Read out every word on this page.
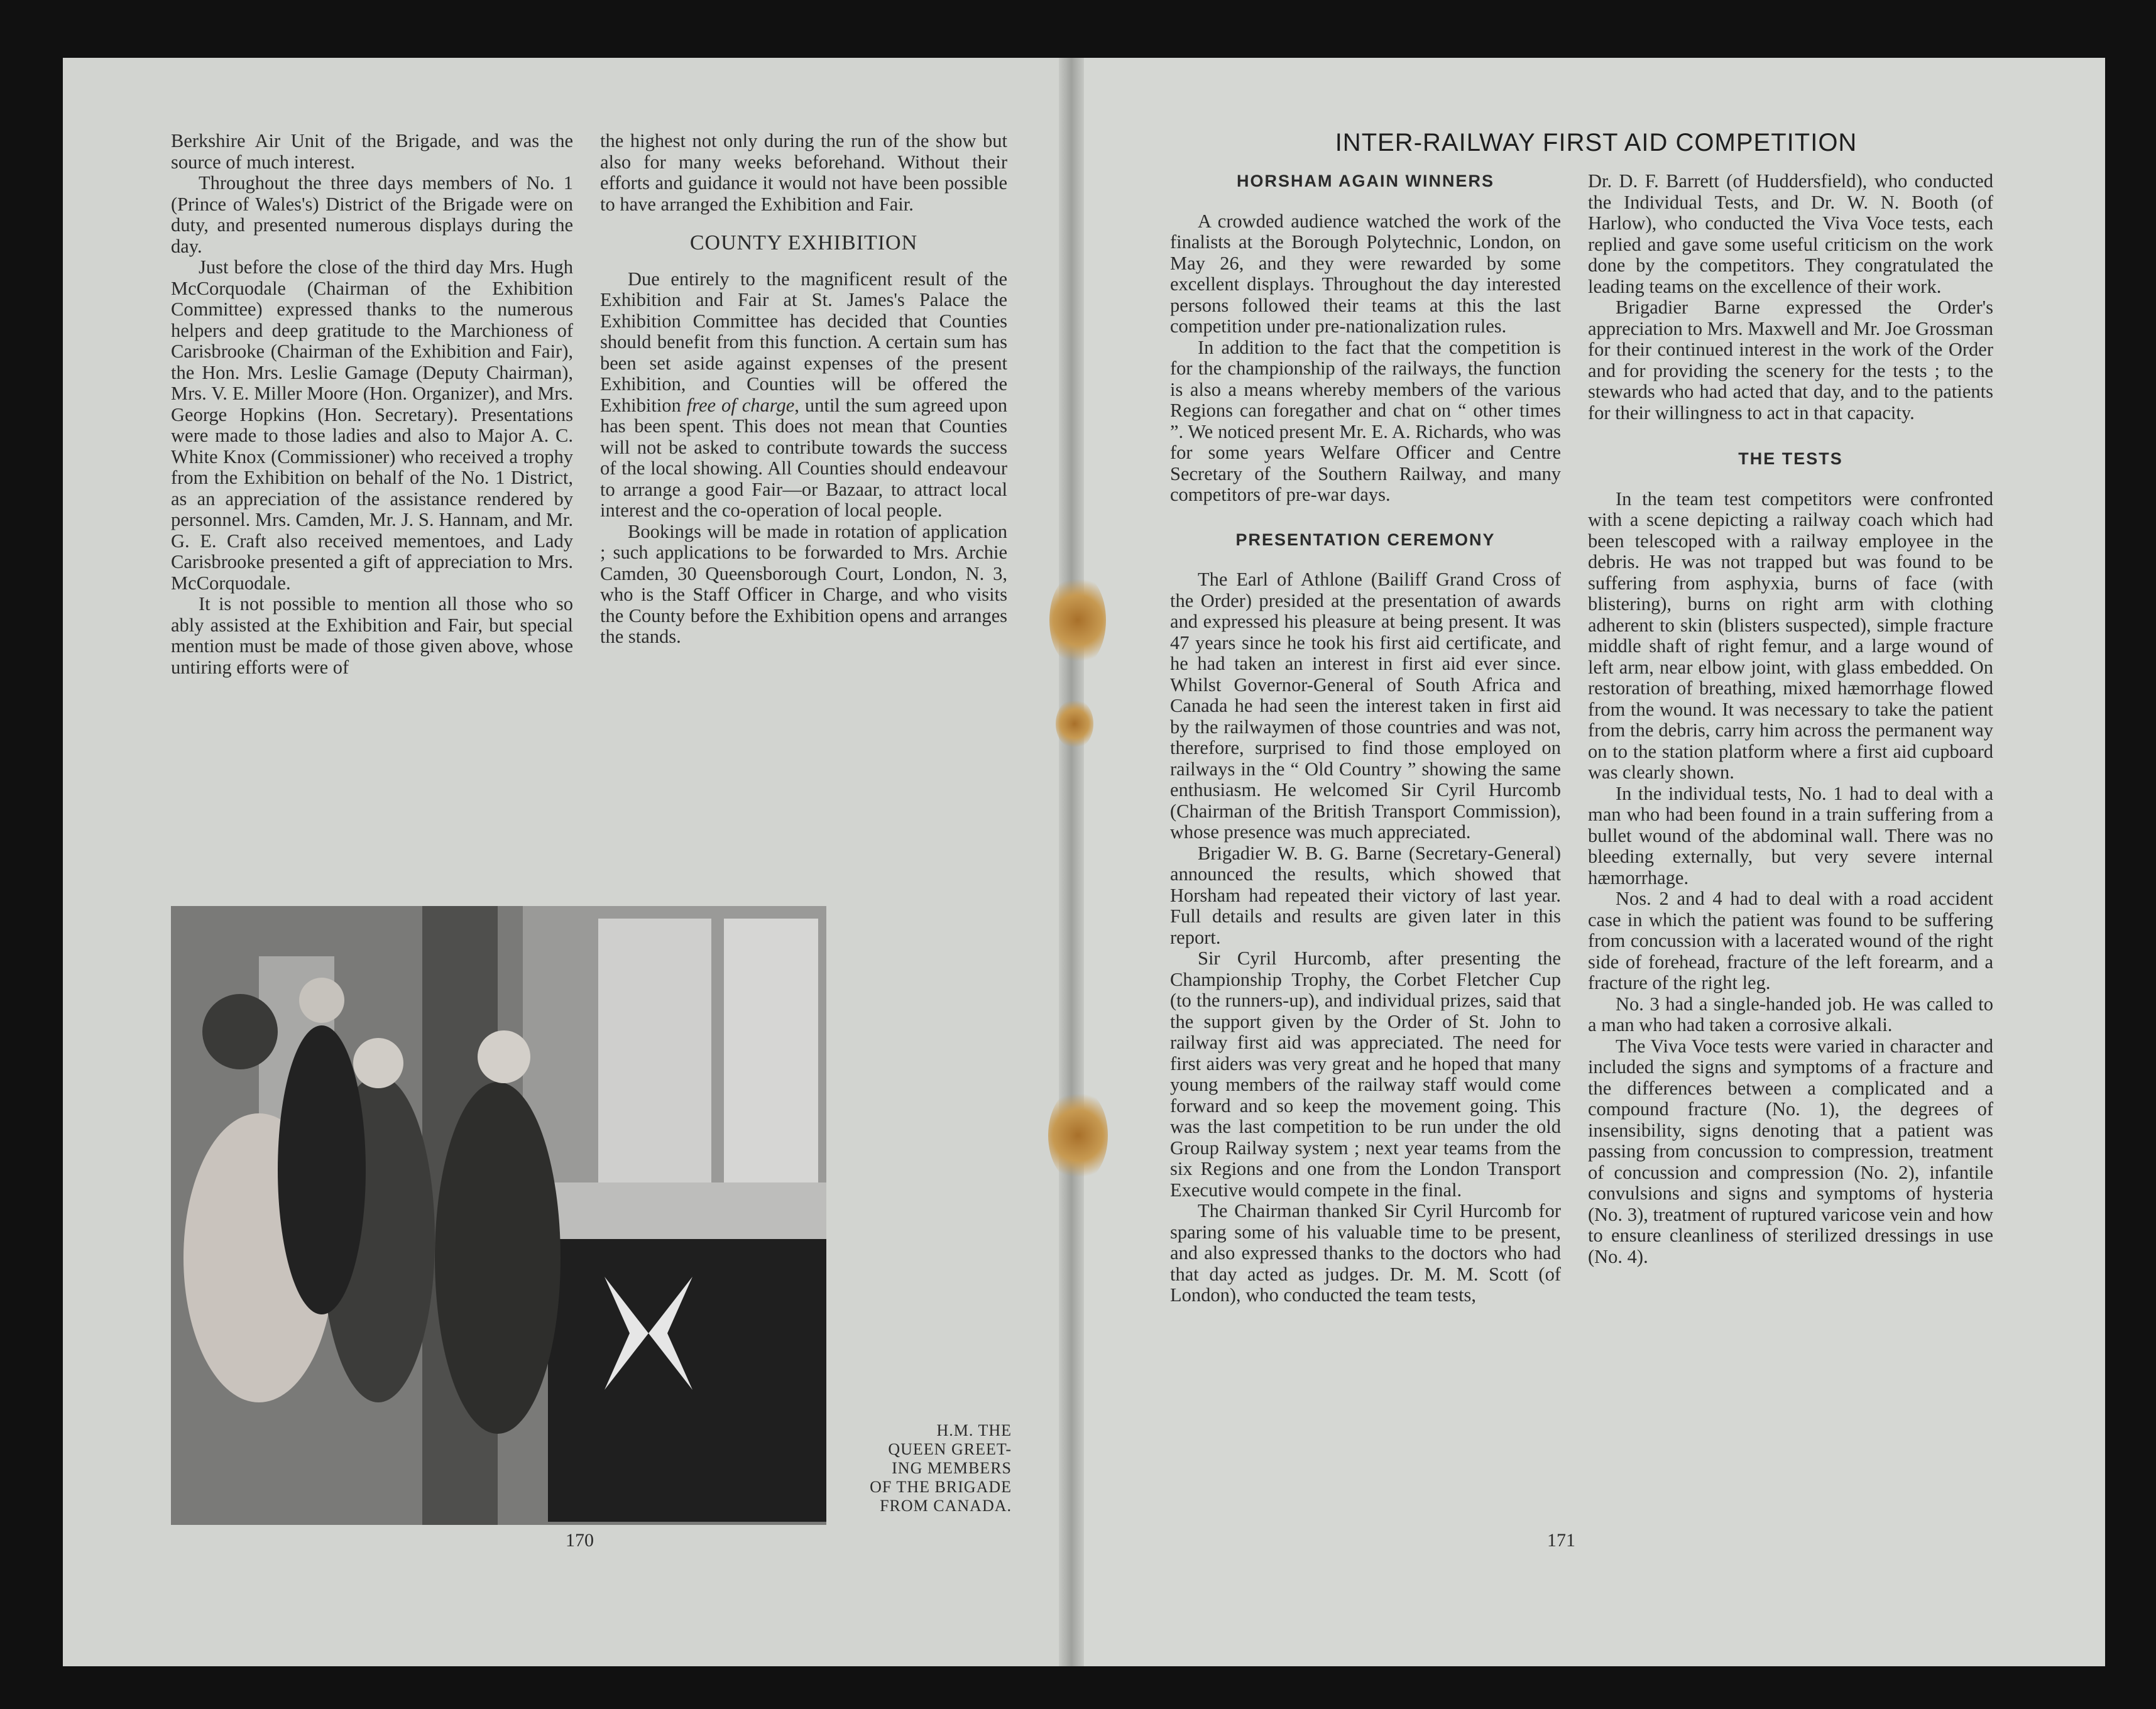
Berkshire Air Unit of the Brigade, and was the source of much interest.

Throughout the three days members of No. 1 (Prince of Wales's) District of the Brigade were on duty, and presented numerous displays during the day.

Just before the close of the third day Mrs. Hugh McCorquodale (Chairman of the Exhibition Committee) expressed thanks to the numerous helpers and deep gratitude to the Marchioness of Carisbrooke (Chairman of the Exhibition and Fair), the Hon. Mrs. Leslie Gamage (Deputy Chairman), Mrs. V. E. Miller Moore (Hon. Organizer), and Mrs. George Hopkins (Hon. Secretary). Presentations were made to those ladies and also to Major A. C. White Knox (Commissioner) who received a trophy from the Exhibition on behalf of the No. 1 District, as an appreciation of the assistance rendered by personnel. Mrs. Camden, Mr. J. S. Hannam, and Mr. G. E. Craft also received mementoes, and Lady Carisbrooke presented a gift of appreciation to Mrs. McCorquodale.

It is not possible to mention all those who so ably assisted at the Exhibition and Fair, but special mention must be made of those given above, whose untiring efforts were of

the highest not only during the run of the show but also for many weeks beforehand. Without their efforts and guidance it would not have been possible to have arranged the Exhibition and Fair.

COUNTY EXHIBITION

Due entirely to the magnificent result of the Exhibition and Fair at St. James's Palace the Exhibition Committee has decided that Counties should benefit from this function. A certain sum has been set aside against expenses of the present Exhibition, and Counties will be offered the Exhibition free of charge, until the sum agreed upon has been spent. This does not mean that Counties will not be asked to contribute towards the success of the local showing. All Counties should endeavour to arrange a good Fair—or Bazaar, to attract local interest and the co-operation of local people.

Bookings will be made in rotation of application ; such applications to be forwarded to Mrs. Archie Camden, 30 Queensborough Court, London, N. 3, who is the Staff Officer in Charge, and who visits the County before the Exhibition opens and arranges the stands.

H.M. THE
QUEEN GREET-
ING MEMBERS
OF THE BRIGADE
FROM CANADA.
170
INTER-RAILWAY FIRST AID COMPETITION
HORSHAM AGAIN WINNERS

A crowded audience watched the work of the finalists at the Borough Polytechnic, London, on May 26, and they were rewarded by some excellent displays. Throughout the day interested persons followed their teams at this the last competition under pre-nationalization rules.

In addition to the fact that the competition is for the championship of the railways, the function is also a means whereby members of the various Regions can foregather and chat on “ other times ”. We noticed present Mr. E. A. Richards, who was for some years Welfare Officer and Centre Secretary of the Southern Railway, and many competitors of pre-war days.

PRESENTATION CEREMONY

The Earl of Athlone (Bailiff Grand Cross of the Order) presided at the presentation of awards and expressed his pleasure at being present. It was 47 years since he took his first aid certificate, and he had taken an interest in first aid ever since. Whilst Governor-General of South Africa and Canada he had seen the interest taken in first aid by the railwaymen of those countries and was not, therefore, surprised to find those employed on railways in the “ Old Country ” showing the same enthusiasm. He welcomed Sir Cyril Hurcomb (Chairman of the British Transport Commission), whose presence was much appreciated.

Brigadier W. B. G. Barne (Secretary-General) announced the results, which showed that Horsham had repeated their victory of last year. Full details and results are given later in this report.

Sir Cyril Hurcomb, after presenting the Championship Trophy, the Corbet Fletcher Cup (to the runners-up), and individual prizes, said that the support given by the Order of St. John to railway first aid was appreciated. The need for first aiders was very great and he hoped that many young members of the railway staff would come forward and so keep the movement going. This was the last competition to be run under the old Group Railway system ; next year teams from the six Regions and one from the London Transport Executive would compete in the final.

The Chairman thanked Sir Cyril Hurcomb for sparing some of his valuable time to be present, and also expressed thanks to the doctors who had that day acted as judges. Dr. M. M. Scott (of London), who conducted the team tests,

Dr. D. F. Barrett (of Huddersfield), who conducted the Individual Tests, and Dr. W. N. Booth (of Harlow), who conducted the Viva Voce tests, each replied and gave some useful criticism on the work done by the competitors. They congratulated the leading teams on the excellence of their work.

Brigadier Barne expressed the Order's appreciation to Mrs. Maxwell and Mr. Joe Grossman for their continued interest in the work of the Order and for providing the scenery for the tests ; to the stewards who had acted that day, and to the patients for their willingness to act in that capacity.

THE TESTS

In the team test competitors were confronted with a scene depicting a railway coach which had been telescoped with a railway employee in the debris. He was not trapped but was found to be suffering from asphyxia, burns of face (with blistering), burns on right arm with clothing adherent to skin (blisters suspected), simple fracture middle shaft of right femur, and a large wound of left arm, near elbow joint, with glass embedded. On restoration of breathing, mixed hæmorrhage flowed from the wound. It was necessary to take the patient from the debris, carry him across the permanent way on to the station platform where a first aid cupboard was clearly shown.

In the individual tests, No. 1 had to deal with a man who had been found in a train suffering from a bullet wound of the abdominal wall. There was no bleeding externally, but very severe internal hæmorrhage.

Nos. 2 and 4 had to deal with a road accident case in which the patient was found to be suffering from concussion with a lacerated wound of the right side of forehead, fracture of the left forearm, and a fracture of the right leg.

No. 3 had a single-handed job. He was called to a man who had taken a corrosive alkali.

The Viva Voce tests were varied in character and included the signs and symptoms of a fracture and the differences between a complicated and a compound fracture (No. 1), the degrees of insensibility, signs denoting that a patient was passing from concussion to compression, treatment of concussion and compression (No. 2), infantile convulsions and signs and symptoms of hysteria (No. 3), treatment of ruptured varicose vein and how to ensure cleanliness of sterilized dressings in use (No. 4).

171
